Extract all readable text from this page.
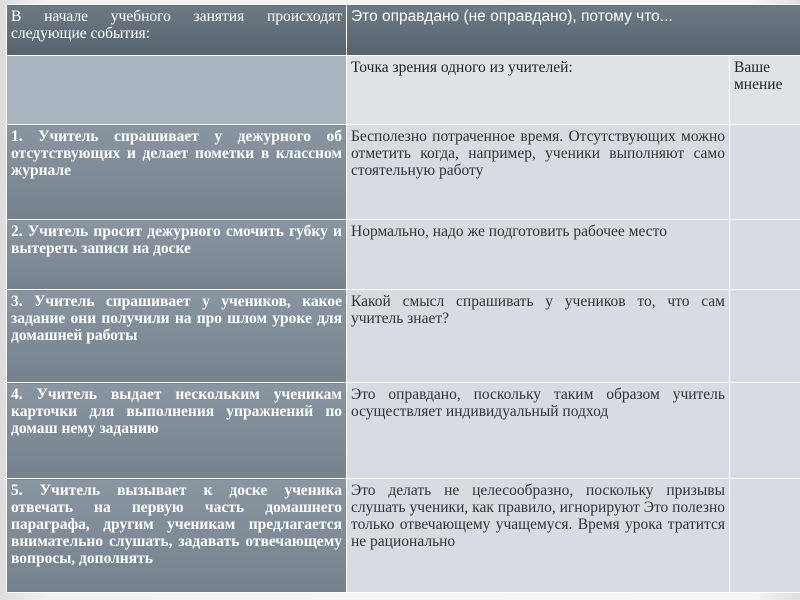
В начале учебного занятия происходят следующие события:	Это оправдано (не оправдано), потому что...	
	Точка зрения одного из учителей:	Ваше мнение
1. Учитель спрашивает у дежурного об отсутствующих и делает пометки в классном журнале	Бесполезно потраченное время. Отсутствующих можно отметить когда, например, ученики выполняют само стоятельную работу	
2. Учитель просит дежурного смочить губку и вытереть записи на доске	Нормально, надо же подготовить рабочее место	
3. Учитель спрашивает у учеников, какое задание они получили на про шлом уроке для домашней работы	Какой смысл спрашивать у учеников то, что сам учитель знает?	
4. Учитель выдает нескольким ученикам карточки для выполнения упражнений по домаш нему заданию	Это оправдано, поскольку таким образом учитель осуществляет индивидуальный подход	
5. Учитель вызывает к доске ученика отвечать на первую часть домашнего параграфа, другим ученикам предлагается внимательно слушать, задавать отвечающему вопросы, дополнять	Это делать не целесообразно, поскольку призывы слушать ученики, как правило, игнорируют Это полезно только отвечающему учащемуся. Время урока тратится не рационально	
